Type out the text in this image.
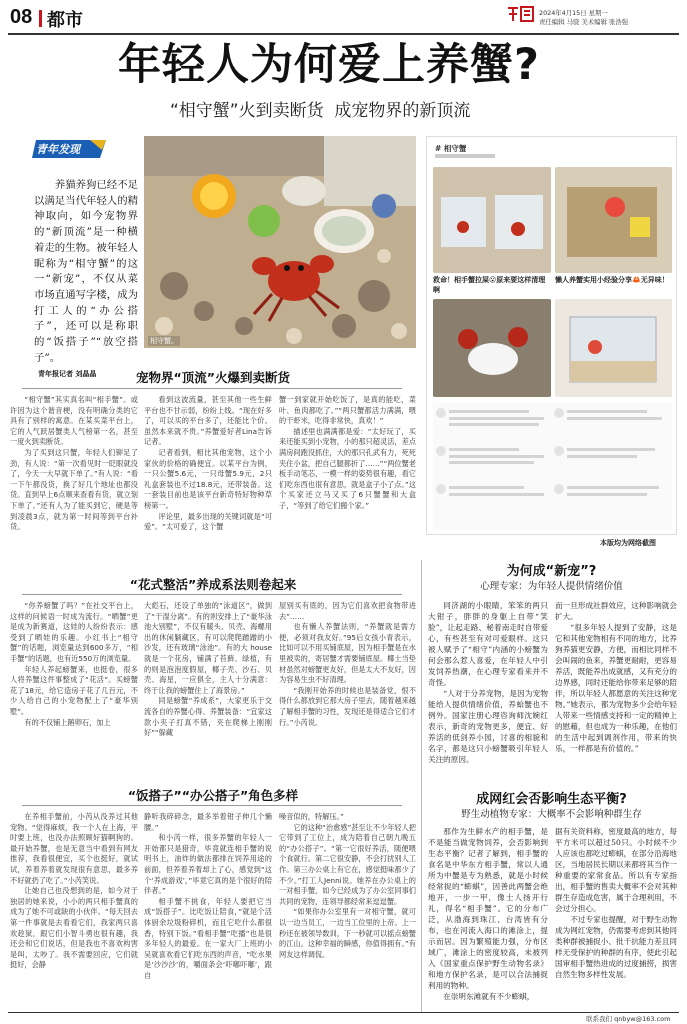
08 都市	2024年4月15日 星期一
责任编辑 马骁 美术编辑 张浩强
年轻人为何爱上养蟹?
“相守蟹”火到卖断货  成宠物界的新顶流
青年发现
养猫养狗已经不足以满足当代年轻人的精神取向，如今宠物界的“新顶流”是一种横着走的生物。被年轻人昵称为“相守蟹”的这一“新宠”，不仅从菜市场直通写字楼，成为打工人的“办公搭子”，还可以是称职的“饭搭子”“放空搭子”。
青年报记者 刘晶晶
相守蟹。
# 相守蟹
救命！相手蟹拉屎😮原来要这样清理啊
懒人养蟹实用小经验分享🦀无异味！
本版均为网络截图
宠物界“顶流”火爆到卖断货

“相守蟹”其实真名叫“相手蟹”。或许因为这个谐音梗，没有明确分类的它具有了别样的寓意。在某买菜平台上，它的人气跃居蟹类人气榜第一名，甚至一度火到卖断货。

为了买到这只蟹，年轻人们铆足了劲，有人说：“第一次看见时一眨眼就没了，今天一大早就下单了。”有人说：“看一下午都没货，换了好几个地址也都没货。直到早上6点顺来查看有货，就立刻下单了。”还有人为了能买到它，硬是等到凌晨3点，就为第一时间等到平台补货。

看到这波流量，甚至其他一些生鲜平台也不甘示弱，纷纷上线。“现在好多了，可以买的平台多了，还能比个价。虽然本来就不贵。”养蟹爱好者Lina告诉记者。

记者看到，相比其他宠物，这个小家伙的价格的确便宜。以某平台为例，一只公蟹5.6元，一只母蟹5.9元，2只礼盒套装也不过18.8元，还带装备。这一套装目前也是该平台新奇特好物种草榜第一。

评论里，最多出现的关键词就是“可爱”。“太可爱了，这个蟹

蟹一到家就开始吃饭了，是真的能吃，菜叶、鱼肉都吃了。”“两只蟹都活力满满，喂的干虾米，吃得非常快，真欢！”

描述里也满满都是爱：“太好玩了，买来还能买到小宠物，小的那只超灵活，差点满房间跑没抓住，大的那只孔武有力，死死夹住小盆，把自己腿都折了……”“两位蟹老板手动笔芯，一模一样的姿势很有趣，看它们吃东西也很有意思，就是盒子小了点。”这个买家还立马又买了6只蟹蟹和大盒子，“等到了给它们搬个家。”

“花式整活”养成系法则卷起来

“你养螃蟹了吗？”在社交平台上，这样的问候语一时成为流行。“晒蟹”更是成为新赛道，这娃的人纷纷表示：感受到了晒娃的乐趣。小红书上“相守蟹”的话题，浏览量达到600多万，“相手蟹”的话题，也有近550万的浏览量。

年轻人养起螃蟹来，也挺卷，很多人将养蟹这件事整成了“花活”。买螃蟹花了18元，给它造房子花了几百元，不少人给自己的小宠物配上了“豪华别墅”。

有的不仅铺上鹅卵石，加上

大彪石，还设了单独的“泳道区”，做到了“干湿分离”。有的则安排上了“豪华泳池大别墅”，不仅有暖头、贝壳、海螺用出的休闲躺藏区，有可以爬爬蹭蹭的小沙发，还有玻璃“泳池”。有的大 house 就是一个花房，铺满了苔藓、绿植，有的则是泡泡度假屋，椰子壳、沙石、贝壳、海星，一应俱全，主人十分满意：终于让我的螃蟹住上了海景房。”

同是螃蟹“养成系”，大家更乐于交流各自的养蟹心得、养蟹装备：“宜家这款小夹子打真不错，夹在爬梯上刚刚好”“躲藏

屋别买有底的，因为它们喜欢把食物带进去”……

也有懒人养蟹法则，“养蟹就是需方便，必须对我友好。”95后女孩小青表示，比如可以不用买铺底屋，因为相手蟹是在水里被卖的，寄居蟹才需要铺底屋。椰土当垫材虽然对螃蟹更友好，但是太大不友好，因为容易生虫不好清理。

“我刚开始养的时候也是装备党，恨不得什么都放到它那大房子里去，随着越来越了解相手蟹的习性，发现还是得适合它们才行。”小芮说。

“饭搭子”“办公搭子”角色多样

在养相手蟹前，小芮从没养过其他宠物。“觉得麻烦，我一个人在上海，平时要上班，也没办法照顾好猫啊狗的。最开始养蟹，也是无意当中看到有网友推荐，我看很便宜，买个也挺好，就试试，养着养着就发现很有意思，最多养不好就扔了吃了。”小芮笑说。

让她自己也没想到的是，如今对于独居的她来说，小小的两只相手蟹真的成为了她不可或缺的小伙伴。“每天回去第一件事就是去看看它们，我家两只喜欢趁狱，跟它们小智斗勇也很有趣，我还会和它们说话，但是我也不喜欢构害是叫，太吵了。我不需要回应，它们就挺好，会静

静听我碎碎念，最多举着钳子伸几个懒腰。”

和小芮一样，很多养蟹的年轻人一开始都只是猎奇，毕竟就连相手蟹的说明书上，油炸的做法都排在饲养用途的前面，但养着养着却上了心，感觉到“这个‘养成游戏’，”毕竟它真的是个很好的陪伴者。”

相手蟹不挑食，年轻人要把它当成“饭搭子”。比吃饭让陪食，”就是个活体厨余垃圾粉碎机，而且它吃什么都很香，特别下饭。”看相手蟹“吃播”也是很多年轻人的最爱。在一家大厂上班的小吴就喜欢看它们吃东西的声音，“吃水果是‘沙沙沙’的，嚼面条会‘吓嘟吓嘟’，跟自

噪音似的，特解压。”

它的这种“治愈感”甚至让不少年轻人把它带到了工位上，成为陪着自己朝九晚五的“办公搭子”。“第一它很好养活，随便喂个食就行。第二它很安静，不会打扰别人工作。第三办公桌上有它在，感觉挺味都少了不少。”打工人Jenni说。她养在办公桌上的一对相手蟹，如今已经成为了办公室同事们共同的宠物，连领导都经常来逗逗蟹。

“如果你办公室里有一对相守蟹，就可以一边当员工，一边当工位里的上帝。上一秒还在被领导数训，下一秒就可以摇点螃蟹的江山。这种幸福的瞬感，你值得拥有。”有网友这样调侃。

为何成“新宠”?
心理专家：为年轻人提供情绪价值

同济湖的小眼睛，笨笨的两只大钳子，胖胖的身躯上自带“笑脸”，让起走路、秘着南走时自带爱心，有些甚至有对可爱眼样。这只被人赋予了“相守”内涵的小螃蟹为何会那么惹人喜爱，在年轻人中引发饲养热潮，在心理专家看来并不奇怪。

“人对于分养宠物，是因为宠物能给人提供情绪价值，养蛤蟹也不例外。国家注册心理咨询师沈婉红表示，新奇的宠物更多，便宜、好养活的低剑养小园，讨喜的相貌和名字，都是这只小螃蟹吸引年轻人关注的原因。

而一旦形成社群效应，这种影响就会扩大。

“很多年轻人提到了安静，这是它和其他宠物相有不同的地方，比养狗养猫更安静，方便，而相比同样不会叫闹的鱼来，养蟹更耐耐，更容易养活，既能养出成就感，又有充分的边界感，同时还能给你带来足够的陪伴，所以年轻人都愿意的关注这种宠物。”她表示，都为宠物多少会给年轻人带来一些情感支持和一定的精神上的慰藉，但也成为一种乐趣，在他们的生活中起到调剂作用，带来的快乐，一样都是有价值的。”

成网红会否影响生态平衡?
野生动植物专家：大概率不会影响种群生存

那作为生鲜水产的相手蟹，是不是能当做宠物饲养，会否影响到生态平衡？记者了解到，相手蟹的食名是中华东方相手蟹，常以人通所为中蟹是专为熟悉，就是小时候经常捉的“蟛蜞”，因善此两蟹会绝地开，一步一甲，像士人扬开行礼，得名“相手蟹”。它的分布广泛，从渤海到珠江、台湾皆有分布，也在河流入海口的滩涂上，提示而居。因为繁殖能力强，分布区域广，滩涂上的密度较高，未被列入《国家重点保护野生动物名录》和地方保护名录，是可以合法捕捉利用的物种。

在崇明东滩就有不少蟛蜞，

据有关资料称，密度最高的地方，每平方米可以超过50只。小时候不少人应该也都吃过蟛蜞，在部分沿海地区，当地居民长期以来都将其当作一种重要的家常食品。所以有专家指出，相手蟹的售卖大概率不会对其种群生存造成危害，属于合理利用，不会过分担心。

不过专家也提醒，对于野生动物成为网红宠物，仍需要考虑到其他同类种群被捕捉小、批千抗能力差且同样无受保护的种群的有序，使此引起国审相手蟹热进成的过度捕捞，损害自然生物多样性发展。

联系我们 qnbyw@163.com
